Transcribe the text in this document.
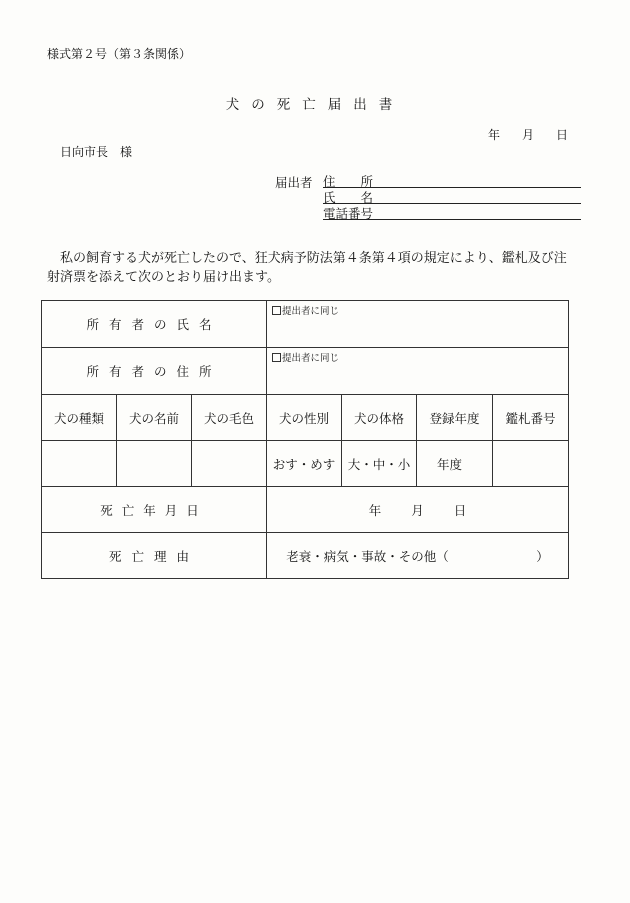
様式第２号（第３条関係）
犬の死亡届出書
年 月 日
日向市長　様
届出者 住　　所
氏　　名
電話番号
私の飼育する犬が死亡したので、狂犬病予防法第４条第４項の規定により、鑑札及び注射済票を添えて次のとおり届け出ます。
所有者の氏名			提出者に同じ			

所有者の住所			提出者に同じ			

犬の種類	犬の名前	犬の毛色	犬の性別	犬の体格	登録年度	鑑札番号
			おす・めす	大・中・小	年度	
死亡年月日			年 月 日			
死亡理由			老衰・病気・事故・その他（　　　　　　　）			
